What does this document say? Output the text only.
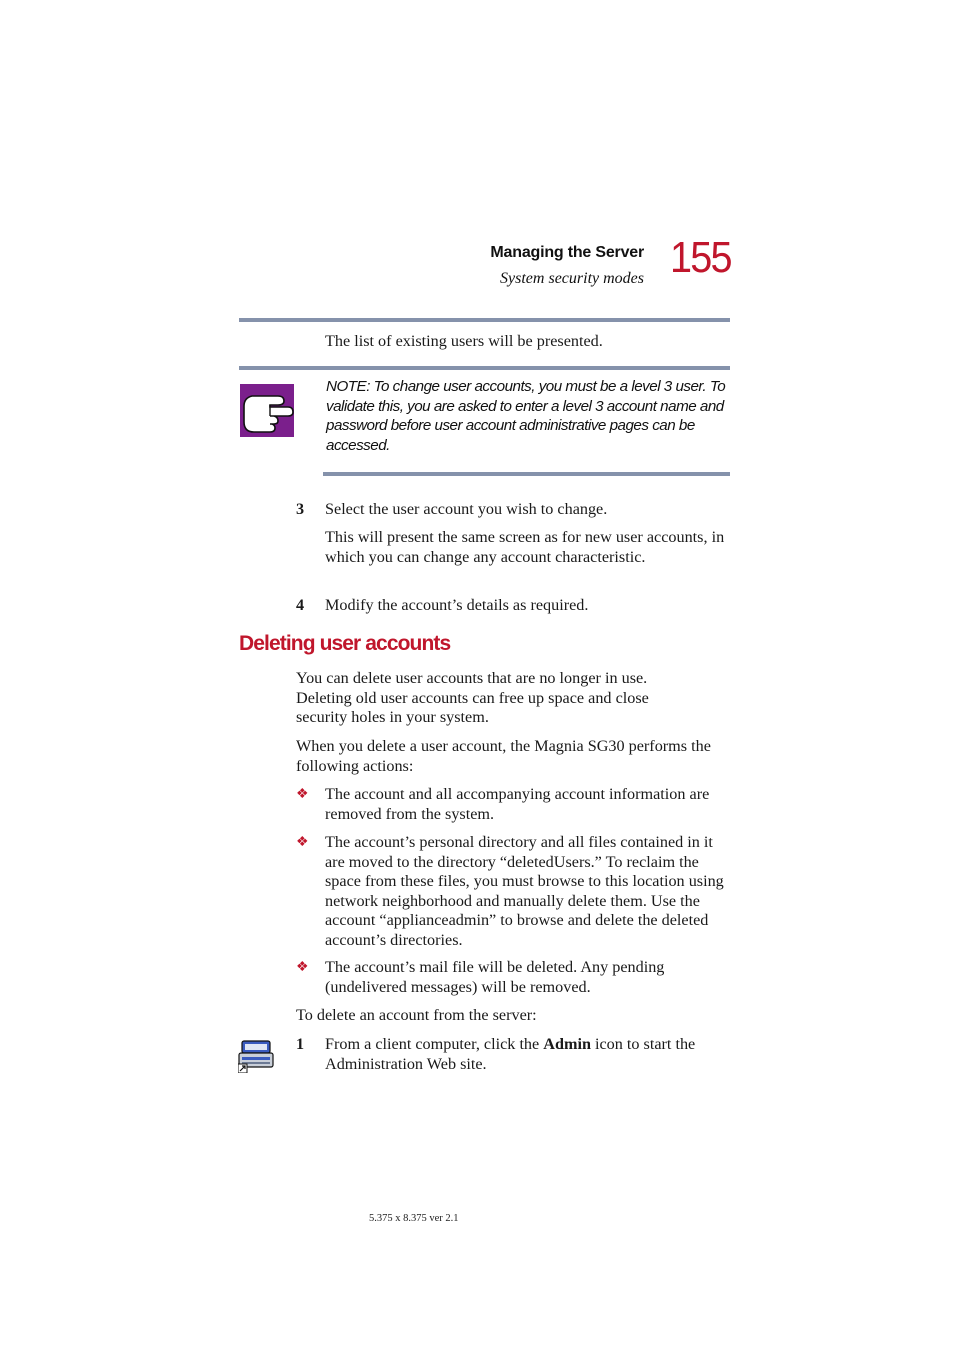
Managing the Server
System security modes 155
The list of existing users will be presented.
NOTE: To change user accounts, you must be a level 3 user. To validate this, you are asked to enter a level 3 account name and password before user account administrative pages can be accessed.
3 Select the user account you wish to change.
This will present the same screen as for new user accounts, in which you can change any account characteristic.
4 Modify the account’s details as required.
Deleting user accounts
You can delete user accounts that are no longer in use. Deleting old user accounts can free up space and close security holes in your system.
When you delete a user account, the Magnia SG30 performs the following actions:
❖ The account and all accompanying account information are removed from the system.
❖ The account’s personal directory and all files contained in it are moved to the directory “deletedUsers.” To reclaim the space from these files, you must browse to this location using network neighborhood and manually delete them. Use the account “applianceadmin” to browse and delete the deleted account’s directories.
❖ The account’s mail file will be deleted. Any pending (undelivered messages) will be removed.
To delete an account from the server:
1 From a client computer, click the Admin icon to start the Administration Web site.
5.375 x 8.375 ver 2.1
